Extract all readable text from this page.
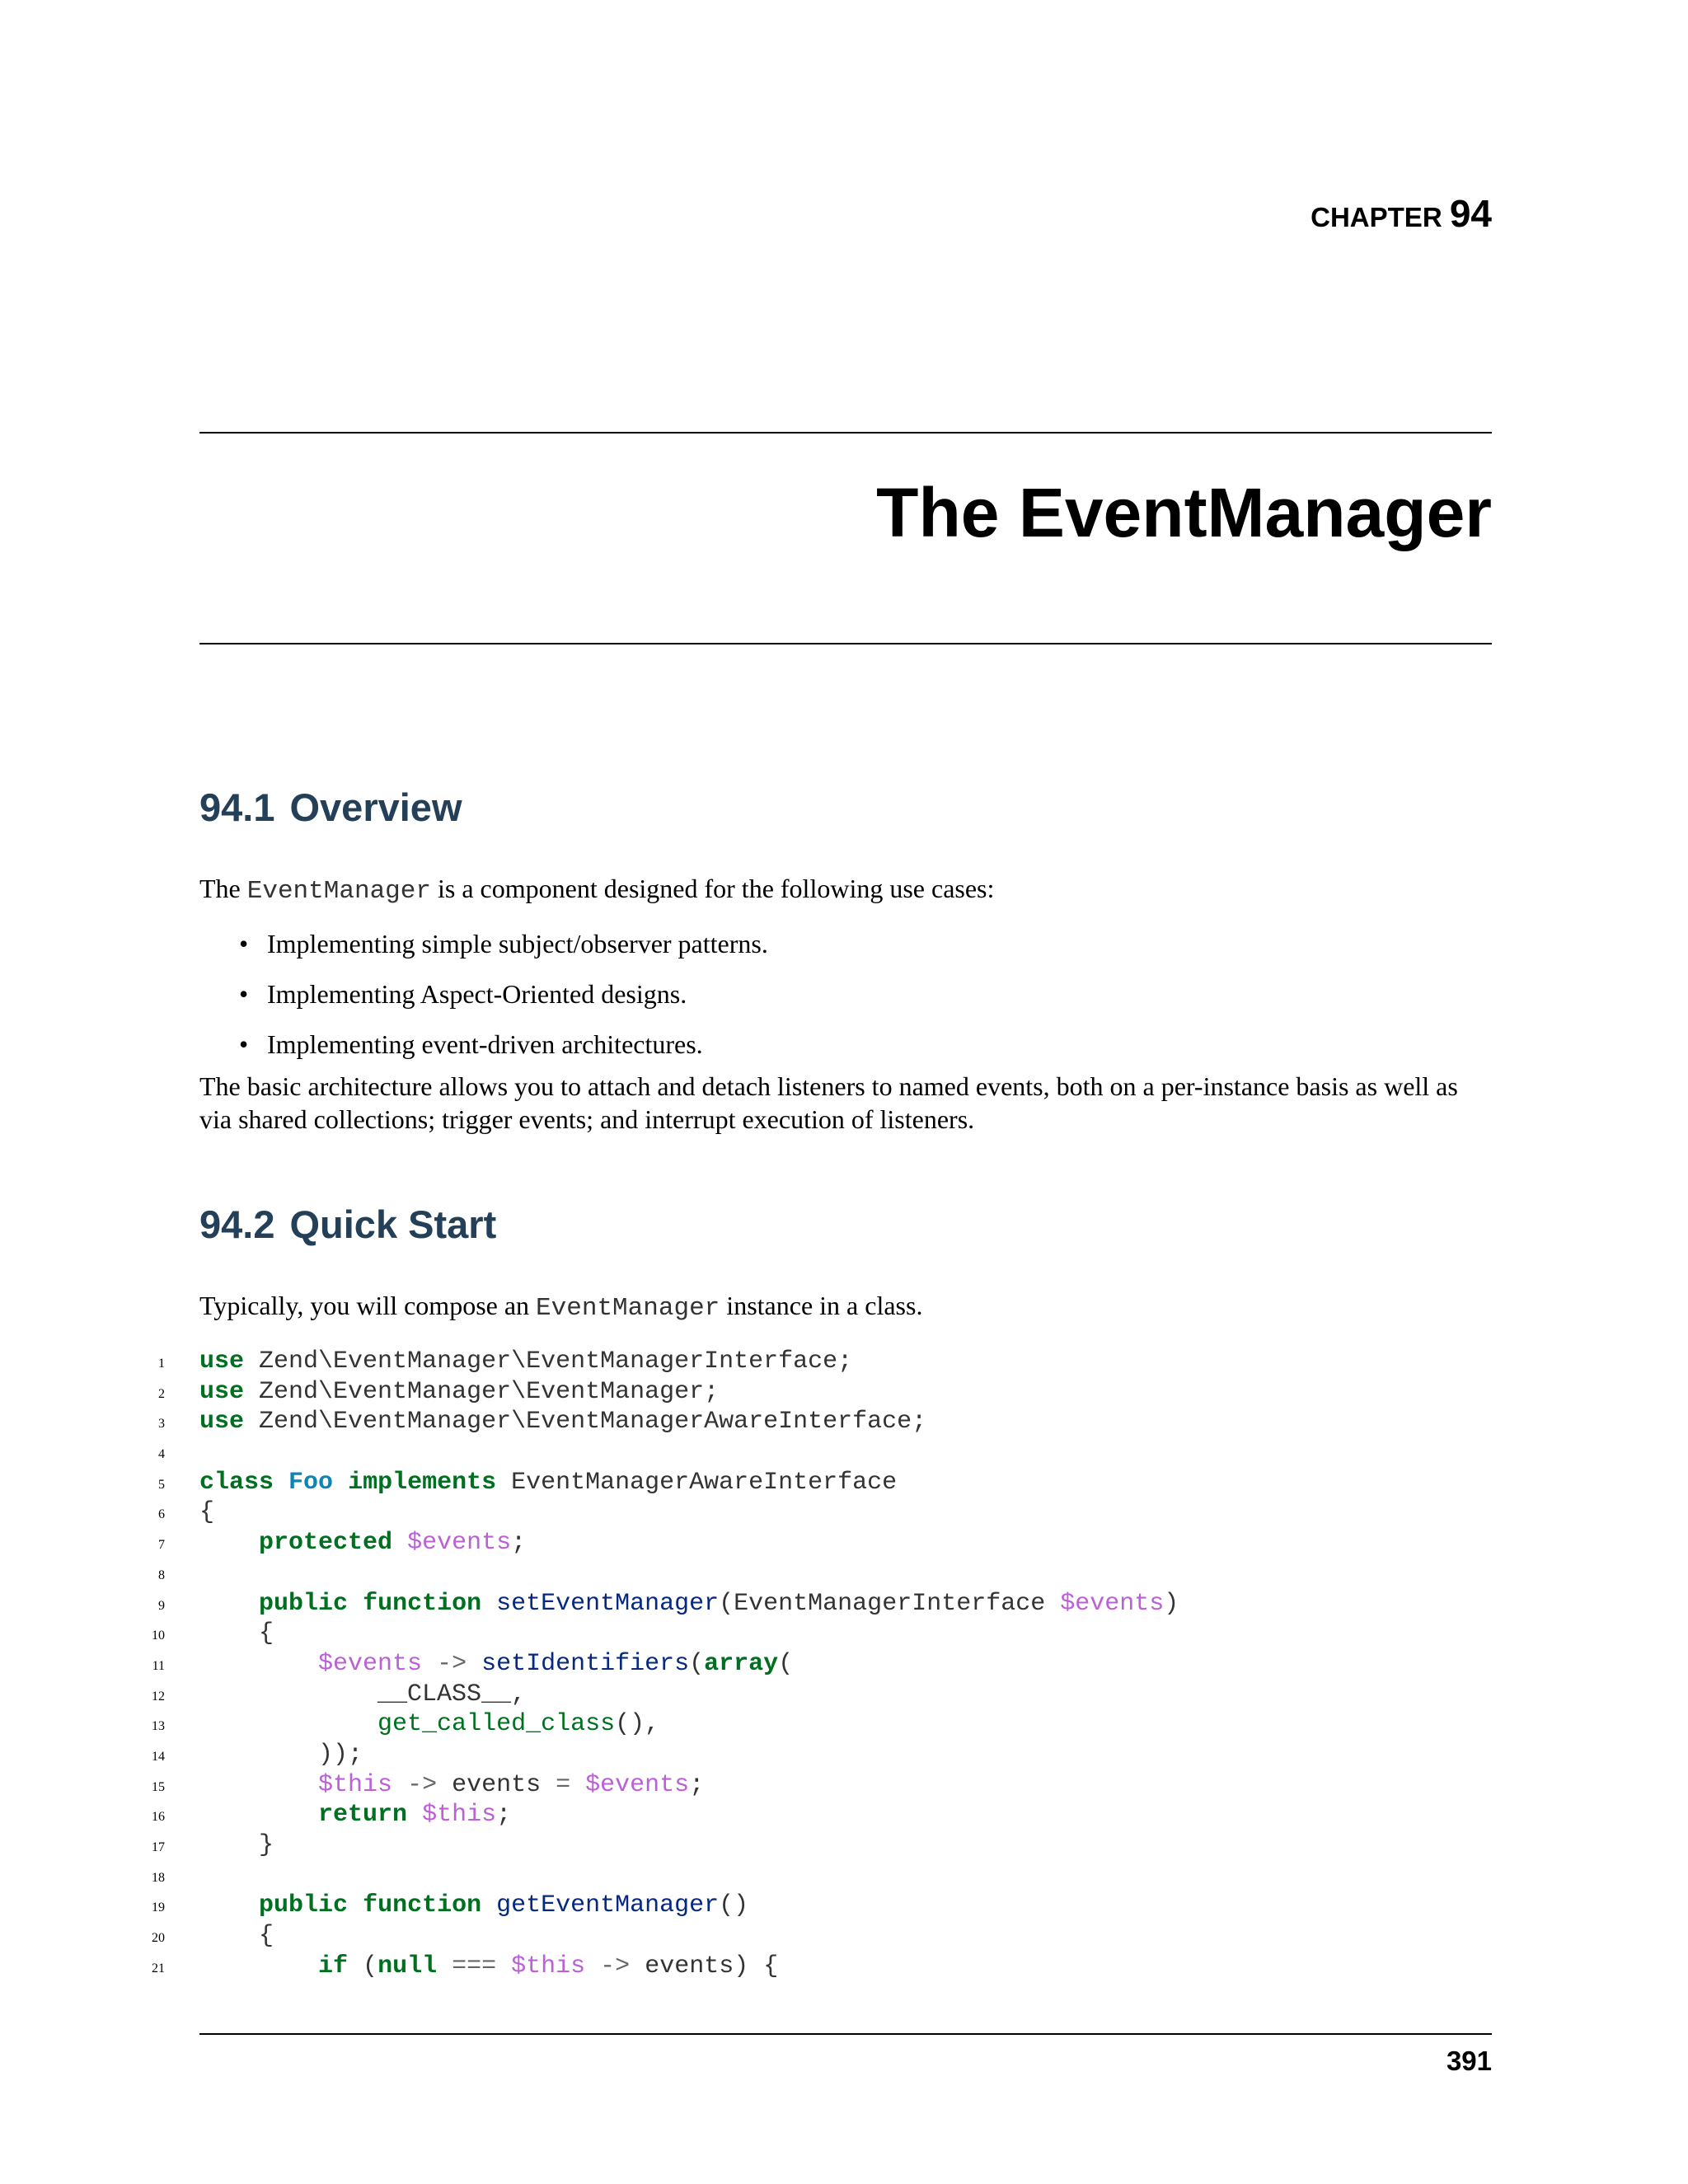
CHAPTER 94
The EventManager
94.1 Overview

The EventManager is a component designed for the following use cases:

• Implementing simple subject/observer patterns.
• Implementing Aspect-Oriented designs.
• Implementing event-driven architectures.

The basic architecture allows you to attach and detach listeners to named events, both on a per-instance basis as well as via shared collections; trigger events; and interrupt execution of listeners.

94.2 Quick Start

Typically, you will compose an EventManager instance in a class.

1 use Zend\EventManager\EventManagerInterface;
2 use Zend\EventManager\EventManager;
3 use Zend\EventManager\EventManagerAwareInterface;
4
5 class Foo implements EventManagerAwareInterface
6 {
7	protected $events;
8
9	public function setEventManager(EventManagerInterface $events)
10    {
11	$events -> setIdentifiers(array(
12            __CLASS__,
13	get_called_class(),
14        ));
15	$this -> events = $events;
16	return $this;
17    }
18
19	public function getEventManager()
20    {
21	if (null === $this -> events) {
391
